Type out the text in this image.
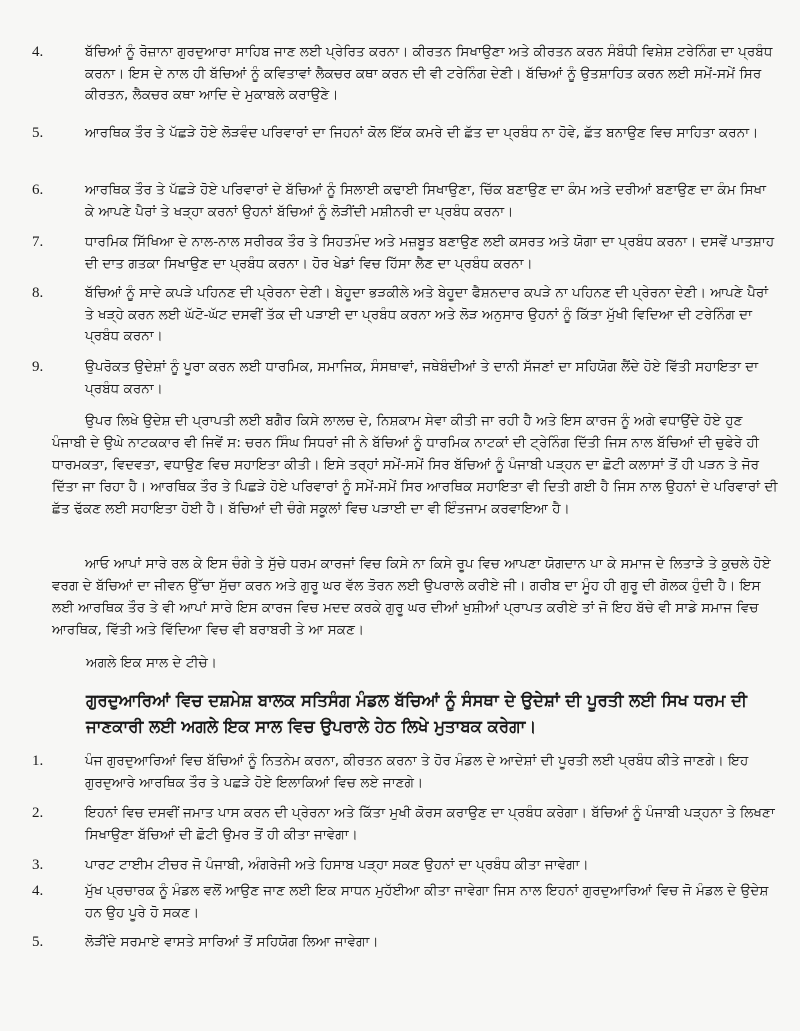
4.	ਬੱਚਿਆਂ ਨੂੰ ਰੋਜ਼ਾਨਾ ਗੁਰਦੁਆਰਾ ਸਾਹਿਬ ਜਾਣ ਲਈ ਪ੍ਰੇਰਿਤ ਕਰਨਾ। ਕੀਰਤਨ ਸਿਖਾਉਣਾ ਅਤੇ ਕੀਰਤਨ ਕਰਨ ਸੰਬੰਧੀ ਵਿਸ਼ੇਸ਼ ਟਰੇਨਿੰਗ ਦਾ ਪ੍ਰਬੰਧ ਕਰਨਾ। ਇਸ ਦੇ ਨਾਲ ਹੀ ਬੱਚਿਆਂ ਨੂੰ ਕਵਿਤਾਵਾਂ ਲੈਕਚਰ ਕਥਾ ਕਰਨ ਦੀ ਵੀ ਟਰੇਨਿੰਗ ਦੇਣੀ। ਬੱਚਿਆਂ ਨੂੰ ਉਤਸ਼ਾਹਿਤ ਕਰਨ ਲਈ ਸਮੇਂ-ਸਮੇਂ ਸਿਰ ਕੀਰਤਨ, ਲੈਕਚਰ ਕਥਾ ਆਦਿ ਦੇ ਮੁਕਾਬਲੇ ਕਰਾਉਣੇ।
5.	ਆਰਥਿਕ ਤੌਰ ਤੇ ਪੱਛੜੇ ਹੋਏ ਲੋੜਵੰਦ ਪਰਿਵਾਰਾਂ ਦਾ ਜਿਹਨਾਂ ਕੋਲ ਇੱਕ ਕਮਰੇ ਦੀ ਛੱਤ ਦਾ ਪ੍ਰਬੰਧ ਨਾ ਹੋਵੇ, ਛੱਤ ਬਨਾਉਣ ਵਿਚ ਸਾਹਿਤਾ ਕਰਨਾ।
6.	ਆਰਥਿਕ ਤੌਰ ਤੇ ਪੱਛੜੇ ਹੋਏ ਪਰਿਵਾਰਾਂ ਦੇ ਬੱਚਿਆਂ ਨੂੰ ਸਿਲਾਈ ਕਢਾਈ ਸਿਖਾਉਣਾ, ਚਿੱਕ ਬਣਾਉਣ ਦਾ ਕੰਮ ਅਤੇ ਦਰੀਆਂ ਬਣਾਉਣ ਦਾ ਕੰਮ ਸਿਖਾ ਕੇ ਆਪਣੇ ਪੈਰਾਂ ਤੇ ਖੜ੍ਹਾ ਕਰਨਾਂ ਉਹਨਾਂ ਬੱਚਿਆਂ ਨੂੰ ਲੋੜੀਂਦੀ ਮਸ਼ੀਨਰੀ ਦਾ ਪ੍ਰਬੰਧ ਕਰਨਾ।
7.	ਧਾਰਮਿਕ ਸਿੱਖਿਆ ਦੇ ਨਾਲ-ਨਾਲ ਸਰੀਰਕ ਤੌਰ ਤੇ ਸਿਹਤਮੰਦ ਅਤੇ ਮਜ਼ਬੂਤ ਬਣਾਉਣ ਲਈ ਕਸਰਤ ਅਤੇ ਯੋਗਾ ਦਾ ਪ੍ਰਬੰਧ ਕਰਨਾ। ਦਸਵੇਂ ਪਾਤਸ਼ਾਹ ਦੀ ਦਾਤ ਗਤਕਾ ਸਿਖਾਉਣ ਦਾ ਪ੍ਰਬੰਧ ਕਰਨਾ। ਹੋਰ ਖੇਡਾਂ ਵਿਚ ਹਿੱਸਾ ਲੈਣ ਦਾ ਪ੍ਰਬੰਧ ਕਰਨਾ।
8.	ਬੱਚਿਆਂ ਨੂੰ ਸਾਦੇ ਕਪੜੇ ਪਹਿਨਣ ਦੀ ਪ੍ਰੇਰਨਾ ਦੇਣੀ। ਬੇਹੂਦਾ ਭੜਕੀਲੇ ਅਤੇ ਬੇਹੂਦਾ ਫੈਸ਼ਨਦਾਰ ਕਪੜੇ ਨਾ ਪਹਿਨਣ ਦੀ ਪ੍ਰੇਰਨਾ ਦੇਣੀ। ਆਪਣੇ ਪੈਰਾਂ ਤੇ ਖੜ੍ਹੇ ਕਰਨ ਲਈ ਘੱਟੋ-ਘੱਟ ਦਸਵੀਂ ਤੱਕ ਦੀ ਪੜਾਈ ਦਾ ਪ੍ਰਬੰਧ ਕਰਨਾ ਅਤੇ ਲੋੜ ਅਨੁਸਾਰ ਉਹਨਾਂ ਨੂੰ ਕਿੱਤਾ ਮੁੱਖੀ ਵਿਦਿਆ ਦੀ ਟਰੇਨਿੰਗ ਦਾ ਪ੍ਰਬੰਧ ਕਰਨਾ।
9.	ਉਪਰੋਕਤ ਉਦੇਸ਼ਾਂ ਨੂੰ ਪੂਰਾ ਕਰਨ ਲਈ ਧਾਰਮਿਕ, ਸਮਾਜਿਕ, ਸੰਸਥਾਵਾਂ, ਜਥੇਬੰਦੀਆਂ ਤੇ ਦਾਨੀ ਸੱਜਣਾਂ ਦਾ ਸਹਿਯੋਗ ਲੈਂਦੇ ਹੋਏ ਵਿੱਤੀ ਸਹਾਇਤਾ ਦਾ ਪ੍ਰਬੰਧ ਕਰਨਾ।
ਉਪਰ ਲਿਖੇ ਉਦੇਸ਼ ਦੀ ਪ੍ਰਾਪਤੀ ਲਈ ਬਗੈਰ ਕਿਸੇ ਲਾਲਚ ਦੇ, ਨਿਸ਼ਕਾਮ ਸੇਵਾ ਕੀਤੀ ਜਾ ਰਹੀ ਹੈ ਅਤੇ ਇਸ ਕਾਰਜ ਨੂੰ ਅਗੇ ਵਧਾਉਂਦੇ ਹੋਏ ਹੁਣ ਪੰਜਾਬੀ ਦੇ ਉਘੇ ਨਾਟਕਕਾਰ ਵੀ ਜਿਵੇਂ ਸ: ਚਰਨ ਸਿੰਘ ਸਿਧਰਾਂ ਜੀ ਨੇ ਬੱਚਿਆਂ ਨੂੰ ਧਾਰਮਿਕ ਨਾਟਕਾਂ ਦੀ ਟ੍ਰੇਨਿੰਗ ਦਿੱਤੀ ਜਿਸ ਨਾਲ ਬੱਚਿਆਂ ਦੀ ਚੁਫੇਰੇ ਹੀ ਧਾਰਮਕਤਾ, ਵਿਦਵਤਾ, ਵਧਾਉਣ ਵਿਚ ਸਹਾਇਤਾ ਕੀਤੀ। ਇਸੇ ਤਰ੍ਹਾਂ ਸਮੇਂ-ਸਮੇਂ ਸਿਰ ਬੱਚਿਆਂ ਨੂੰ ਪੰਜਾਬੀ ਪੜ੍ਹਨ ਦਾ ਛੋਟੀ ਕਲਾਸਾਂ ਤੋਂ ਹੀ ਪੜਨ ਤੇ ਜੋਰ ਦਿੱਤਾ ਜਾ ਰਿਹਾ ਹੈ। ਆਰਥਿਕ ਤੌਰ ਤੇ ਪਿਛੜੇ ਹੋਏ ਪਰਿਵਾਰਾਂ ਨੂੰ ਸਮੇਂ-ਸਮੇਂ ਸਿਰ ਆਰਥਿਕ ਸਹਾਇਤਾ ਵੀ ਦਿਤੀ ਗਈ ਹੈ ਜਿਸ ਨਾਲ ਉਹਨਾਂ ਦੇ ਪਰਿਵਾਰਾਂ ਦੀ ਛੱਤ ਢੱਕਣ ਲਈ ਸਹਾਇਤਾ ਹੋਈ ਹੈ। ਬੱਚਿਆਂ ਦੀ ਚੰਗੇ ਸਕੂਲਾਂ ਵਿਚ ਪੜਾਈ ਦਾ ਵੀ ਇੰਤਜਾਮ ਕਰਵਾਇਆ ਹੈ।
ਆਓ ਆਪਾਂ ਸਾਰੇ ਰਲ ਕੇ ਇਸ ਚੰਗੇ ਤੇ ਸੁੱਚੇ ਧਰਮ ਕਾਰਜਾਂ ਵਿਚ ਕਿਸੇ ਨਾ ਕਿਸੇ ਰੂਪ ਵਿਚ ਆਪਣਾ ਯੋਗਦਾਨ ਪਾ ਕੇ ਸਮਾਜ ਦੇ ਲਿਤਾੜੇ ਤੇ ਕੁਚਲੇ ਹੋਏ ਵਰਗ ਦੇ ਬੱਚਿਆਂ ਦਾ ਜੀਵਨ ਉੱਚਾ ਸੁੱਚਾ ਕਰਨ ਅਤੇ ਗੁਰੂ ਘਰ ਵੱਲ ਤੋਰਨ ਲਈ ਉਪਰਾਲੇ ਕਰੀਏ ਜੀ। ਗਰੀਬ ਦਾ ਮੂੰਹ ਹੀ ਗੁਰੂ ਦੀ ਗੋਲਕ ਹੁੰਦੀ ਹੈ। ਇਸ ਲਈ ਆਰਥਿਕ ਤੌਰ ਤੇ ਵੀ ਆਪਾਂ ਸਾਰੇ ਇਸ ਕਾਰਜ ਵਿਚ ਮਦਦ ਕਰਕੇ ਗੁਰੂ ਘਰ ਦੀਆਂ ਖੁਸ਼ੀਆਂ ਪ੍ਰਾਪਤ ਕਰੀਏ ਤਾਂ ਜੋ ਇਹ ਬੱਚੇ ਵੀ ਸਾਡੇ ਸਮਾਜ ਵਿਚ ਆਰਥਿਕ, ਵਿੱਤੀ ਅਤੇ ਵਿੱਦਿਆ ਵਿਚ ਵੀ ਬਰਾਬਰੀ ਤੇ ਆ ਸਕਣ।
ਅਗਲੇ ਇਕ ਸਾਲ ਦੇ ਟੀਚੇ।
ਗੁਰਦੁਆਰਿਆਂ ਵਿਚ ਦਸ਼ਮੇਸ਼ ਬਾਲਕ ਸਤਿਸੰਗ ਮੰਡਲ ਬੱਚਿਆਂ ਨੂੰ ਸੰਸਥਾ ਦੇ ਉਦੇਸ਼ਾਂ ਦੀ ਪੂਰਤੀ ਲਈ ਸਿਖ ਧਰਮ ਦੀ ਜਾਣਕਾਰੀ ਲਈ ਅਗਲੇ ਇਕ ਸਾਲ ਵਿਚ ਉਪਰਾਲੇ ਹੇਠ ਲਿਖੇ ਮੁਤਾਬਕ ਕਰੇਗਾ।
1.	ਪੰਜ ਗੁਰਦੁਆਰਿਆਂ ਵਿਚ ਬੱਚਿਆਂ ਨੂੰ ਨਿਤਨੇਮ ਕਰਨਾ, ਕੀਰਤਨ ਕਰਨਾ ਤੇ ਹੋਰ ਮੰਡਲ ਦੇ ਆਦੇਸ਼ਾਂ ਦੀ ਪੂਰਤੀ ਲਈ ਪ੍ਰਬੰਧ ਕੀਤੇ ਜਾਣਗੇ। ਇਹ ਗੁਰਦੁਆਰੇ ਆਰਥਿਕ ਤੌਰ ਤੇ ਪਛੜੇ ਹੋਏ ਇਲਾਕਿਆਂ ਵਿਚ ਲਏ ਜਾਣਗੇ।
2.	ਇਹਨਾਂ ਵਿਚ ਦਸਵੀਂ ਜਮਾਤ ਪਾਸ ਕਰਨ ਦੀ ਪ੍ਰੇਰਨਾ ਅਤੇ ਕਿੱਤਾ ਮੁਖੀ ਕੋਰਸ ਕਰਾਉਣ ਦਾ ਪ੍ਰਬੰਧ ਕਰੇਗਾ। ਬੱਚਿਆਂ ਨੂੰ ਪੰਜਾਬੀ ਪੜ੍ਹਨਾ ਤੇ ਲਿਖਣਾ ਸਿਖਾਉਣਾ ਬੱਚਿਆਂ ਦੀ ਛੋਟੀ ਉਮਰ ਤੋਂ ਹੀ ਕੀਤਾ ਜਾਵੇਗਾ।
3.	ਪਾਰਟ ਟਾਈਮ ਟੀਚਰ ਜੋ ਪੰਜਾਬੀ, ਅੰਗਰੇਜੀ ਅਤੇ ਹਿਸਾਬ ਪੜ੍ਹਾ ਸਕਣ ਉਹਨਾਂ ਦਾ ਪ੍ਰਬੰਧ ਕੀਤਾ ਜਾਵੇਗਾ।
4.	ਮੁੱਖ ਪ੍ਰਚਾਰਕ ਨੂੰ ਮੰਡਲ ਵਲੋਂ ਆਉਣ ਜਾਣ ਲਈ ਇਕ ਸਾਧਨ ਮੁਹੱਈਆ ਕੀਤਾ ਜਾਵੇਗਾ ਜਿਸ ਨਾਲ ਇਹਨਾਂ ਗੁਰਦੁਆਰਿਆਂ ਵਿਚ ਜੋ ਮੰਡਲ ਦੇ ਉਦੇਸ਼ ਹਨ ਉਹ ਪੂਰੇ ਹੋ ਸਕਣ।
5.	ਲੋੜੀਂਦੇ ਸਰਮਾਏ ਵਾਸਤੇ ਸਾਰਿਆਂ ਤੋਂ ਸਹਿਯੋਗ ਲਿਆ ਜਾਵੇਗਾ।
